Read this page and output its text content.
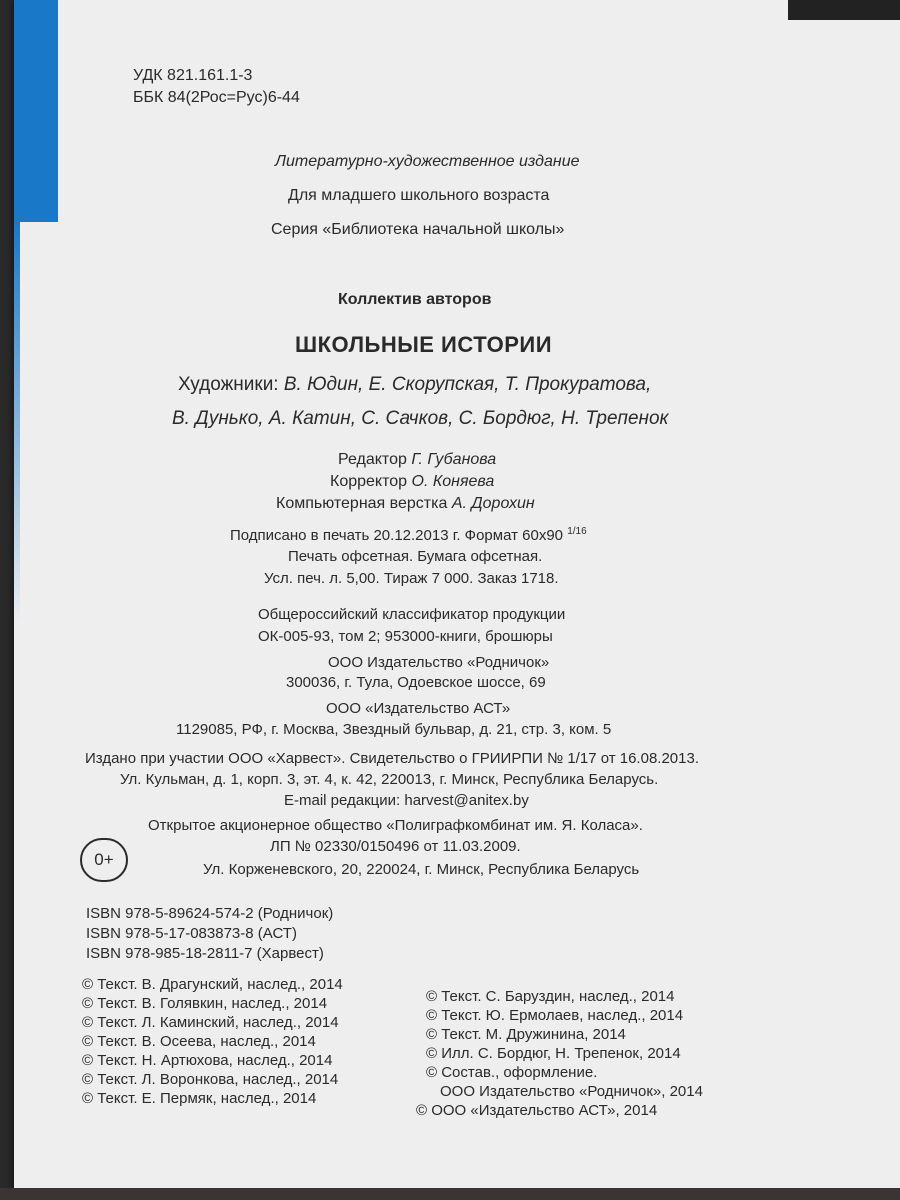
УДК 821.161.1-3
ББК 84(2Рос=Рус)6-44
Литературно-художественное издание
Для младшего школьного возраста
Серия «Библиотека начальной школы»
Коллектив авторов
ШКОЛЬНЫЕ ИСТОРИИ
Художники: В. Юдин, Е. Скорупская, Т. Прокуратова,
В. Дунько, А. Катин, С. Сачков, С. Бордюг, Н. Трепенок
Редактор Г. Губанова
Корректор О. Коняева
Компьютерная верстка А. Дорохин
Подписано в печать 20.12.2013 г. Формат 60х90 $^{1/16}$
Печать офсетная. Бумага офсетная.
Усл. печ. л. 5,00. Тираж 7 000. Заказ 1718.
Общероссийский классификатор продукции
ОК-005-93, том 2; 953000-книги, брошюры
ООО Издательство «Родничок»
300036, г. Тула, Одоевское шоссе, 69
ООО «Издательство АСТ»
1129085, РФ, г. Москва, Звездный бульвар, д. 21, стр. 3, ком. 5
Издано при участии ООО «Харвест». Свидетельство о ГРИИРПИ № 1/17 от 16.08.2013.
Ул. Кульман, д. 1, корп. 3, эт. 4, к. 42, 220013, г. Минск, Республика Беларусь.
E-mail редакции: harvest@anitex.by
Открытое акционерное общество «Полиграфкомбинат им. Я. Коласа».
ЛП № 02330/0150496 от 11.03.2009.
Ул. Корженевского, 20, 220024, г. Минск, Республика Беларусь
0+
ISBN 978-5-89624-574-2 (Родничок)
ISBN 978-5-17-083873-8 (АСТ)
ISBN 978-985-18-2811-7 (Харвест)
© Текст. В. Драгунский, наслед., 2014
© Текст. В. Голявкин, наслед., 2014
© Текст. Л. Каминский, наслед., 2014
© Текст. В. Осеева, наслед., 2014
© Текст. Н. Артюхова, наслед., 2014
© Текст. Л. Воронкова, наслед., 2014
© Текст. Е. Пермяк, наслед., 2014
© Текст. С. Баруздин, наслед., 2014
© Текст. Ю. Ермолаев, наслед., 2014
© Текст. М. Дружинина, 2014
© Илл. С. Бордюг, Н. Трепенок, 2014
© Состав., оформление.
ООО Издательство «Родничок», 2014
© ООО «Издательство АСТ», 2014
